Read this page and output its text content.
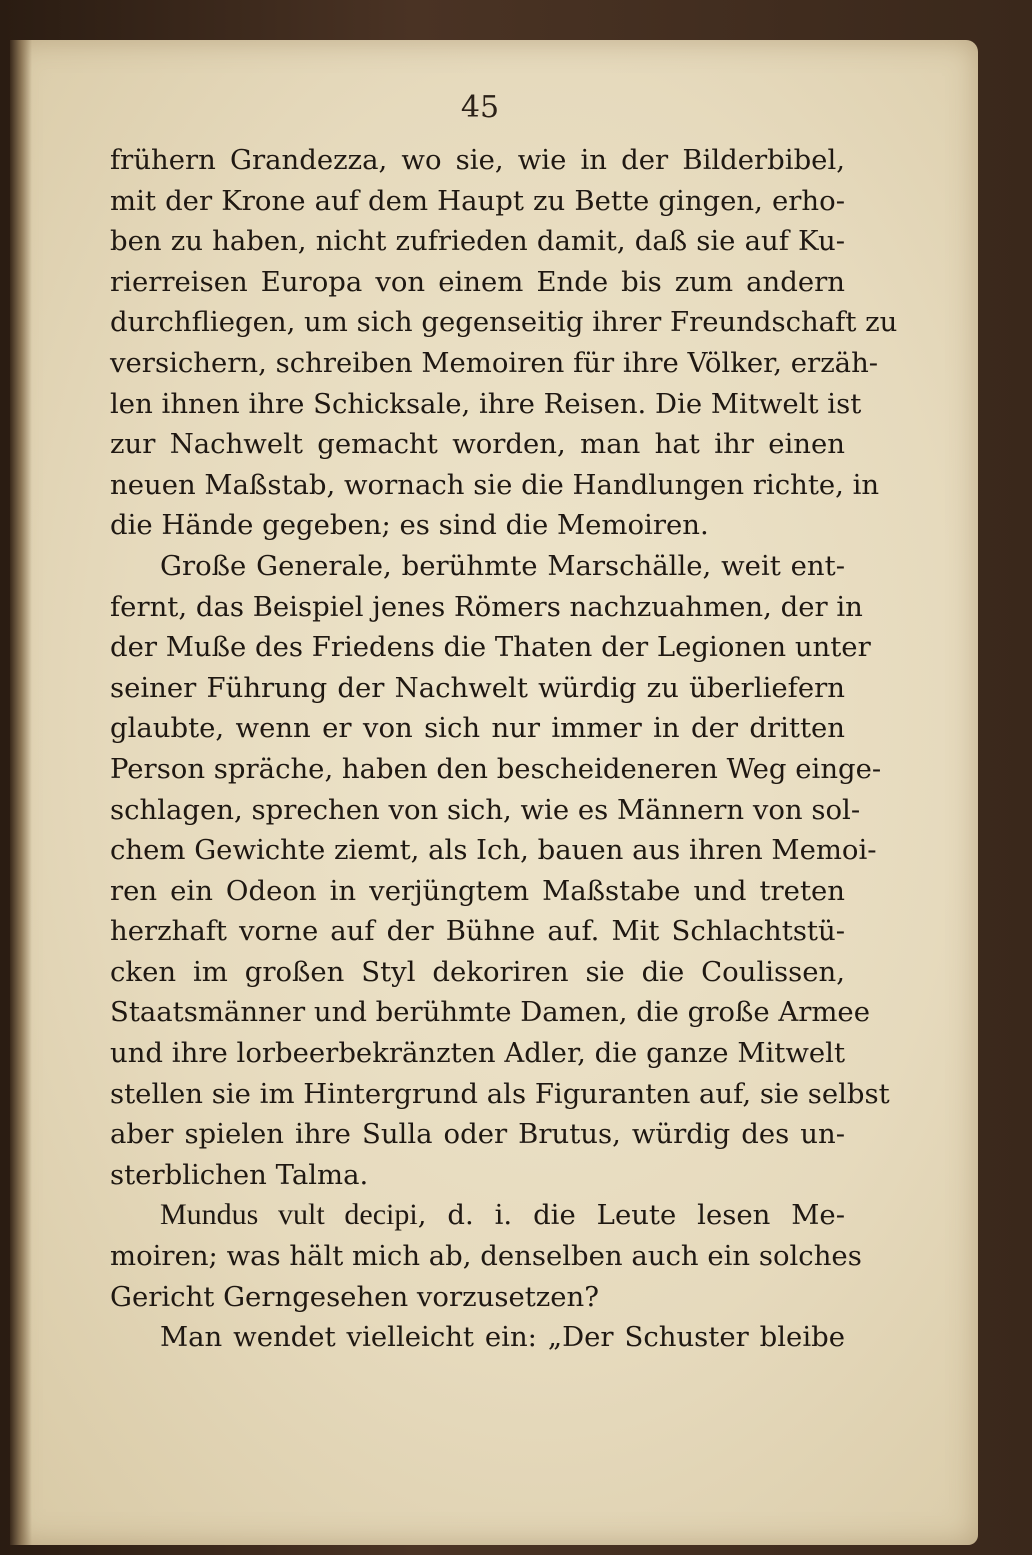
45
frühern Grandezza, wo sie, wie in der Bilderbibel,
mit der Krone auf dem Haupt zu Bette gingen, erho-
ben zu haben, nicht zufrieden damit, daß sie auf Ku-
rierreisen Europa von einem Ende bis zum andern
durchfliegen, um sich gegenseitig ihrer Freundschaft zu
versichern, schreiben Memoiren für ihre Völker, erzäh-
len ihnen ihre Schicksale, ihre Reisen. Die Mitwelt ist
zur Nachwelt gemacht worden, man hat ihr einen
neuen Maßstab, wornach sie die Handlungen richte, in
die Hände gegeben; es sind die Memoiren.
Große Generale, berühmte Marschälle, weit ent-
fernt, das Beispiel jenes Römers nachzuahmen, der in
der Muße des Friedens die Thaten der Legionen unter
seiner Führung der Nachwelt würdig zu überliefern
glaubte, wenn er von sich nur immer in der dritten
Person spräche, haben den bescheideneren Weg einge-
schlagen, sprechen von sich, wie es Männern von sol-
chem Gewichte ziemt, als Ich, bauen aus ihren Memoi-
ren ein Odeon in verjüngtem Maßstabe und treten
herzhaft vorne auf der Bühne auf. Mit Schlachtstü-
cken im großen Styl dekoriren sie die Coulissen,
Staatsmänner und berühmte Damen, die große Armee
und ihre lorbeerbekränzten Adler, die ganze Mitwelt
stellen sie im Hintergrund als Figuranten auf, sie selbst
aber spielen ihre Sulla oder Brutus, würdig des un-
sterblichen Talma.
Mundus vult decipi, d. i. die Leute lesen Me-
moiren; was hält mich ab, denselben auch ein solches
Gericht Gerngesehen vorzusetzen?
Man wendet vielleicht ein: „Der Schuster bleibe
